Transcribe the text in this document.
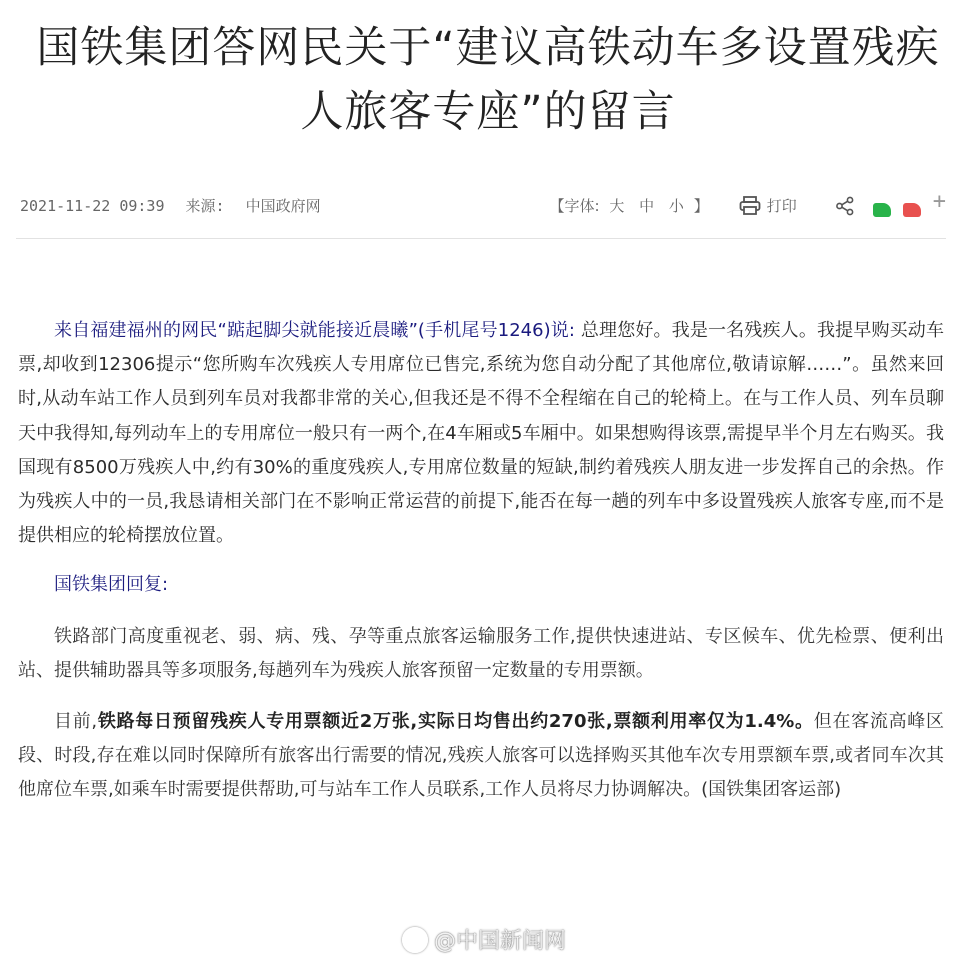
国铁集团答网民关于“建议高铁动车多设置残疾人旅客专座”的留言
2021-11-22 09:39 来源: 中国政府网	【字体: 大 中 小 】	打印	+

来自福建福州的网民“踮起脚尖就能接近晨曦”(手机尾号1246)说: 总理您好。我是一名残疾人。我提早购买动车票,却收到12306提示“您所购车次残疾人专用席位已售完,系统为您自动分配了其他席位,敬请谅解……”。虽然来回时,从动车站工作人员到列车员对我都非常的关心,但我还是不得不全程缩在自己的轮椅上。在与工作人员、列车员聊天中我得知,每列动车上的专用席位一般只有一两个,在4车厢或5车厢中。如果想购得该票,需提早半个月左右购买。我国现有8500万残疾人中,约有30%的重度残疾人,专用席位数量的短缺,制约着残疾人朋友进一步发挥自己的余热。作为残疾人中的一员,我恳请相关部门在不影响正常运营的前提下,能否在每一趟的列车中多设置残疾人旅客专座,而不是提供相应的轮椅摆放位置。

国铁集团回复:

铁路部门高度重视老、弱、病、残、孕等重点旅客运输服务工作,提供快速进站、专区候车、优先检票、便利出站、提供辅助器具等多项服务,每趟列车为残疾人旅客预留一定数量的专用票额。

目前,铁路每日预留残疾人专用票额近2万张,实际日均售出约270张,票额利用率仅为1.4%。但在客流高峰区段、时段,存在难以同时保障所有旅客出行需要的情况,残疾人旅客可以选择购买其他车次专用票额车票,或者同车次其他席位车票,如乘车时需要提供帮助,可与站车工作人员联系,工作人员将尽力协调解决。(国铁集团客运部)

@中国新闻网
